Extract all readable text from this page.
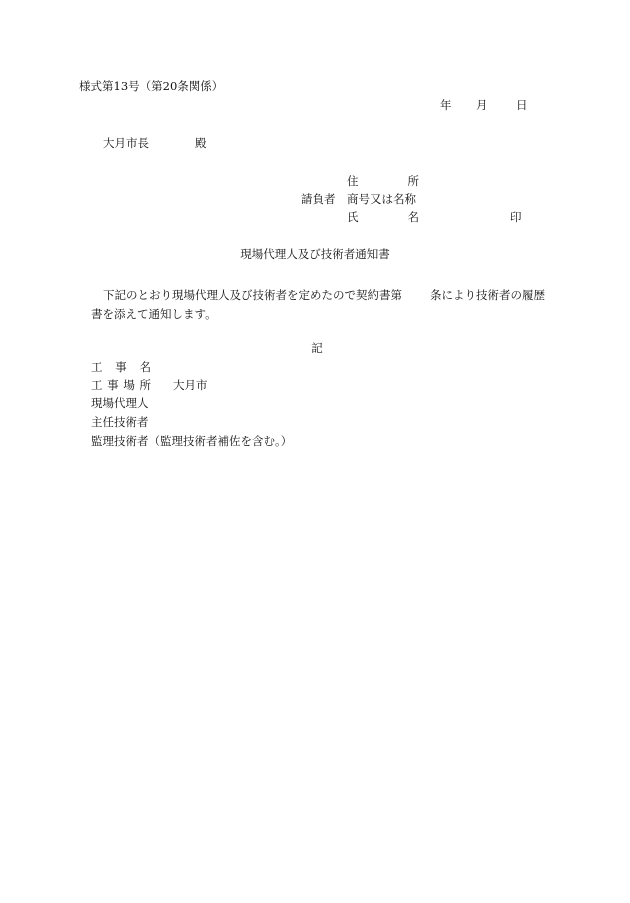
様式第13号（第20条関係）
年 月 日
大月市長	殿
住　所
請負者 商号又は名称
氏　名	印
現場代理人及び技術者通知書
下記のとおり現場代理人及び技術者を定めたので契約書第 条により技術者の履歴書を添えて通知します。
記
工　事　名
工 事 場 所 大月市
現場代理人
主任技術者
監理技術者（監理技術者補佐を含む。）
